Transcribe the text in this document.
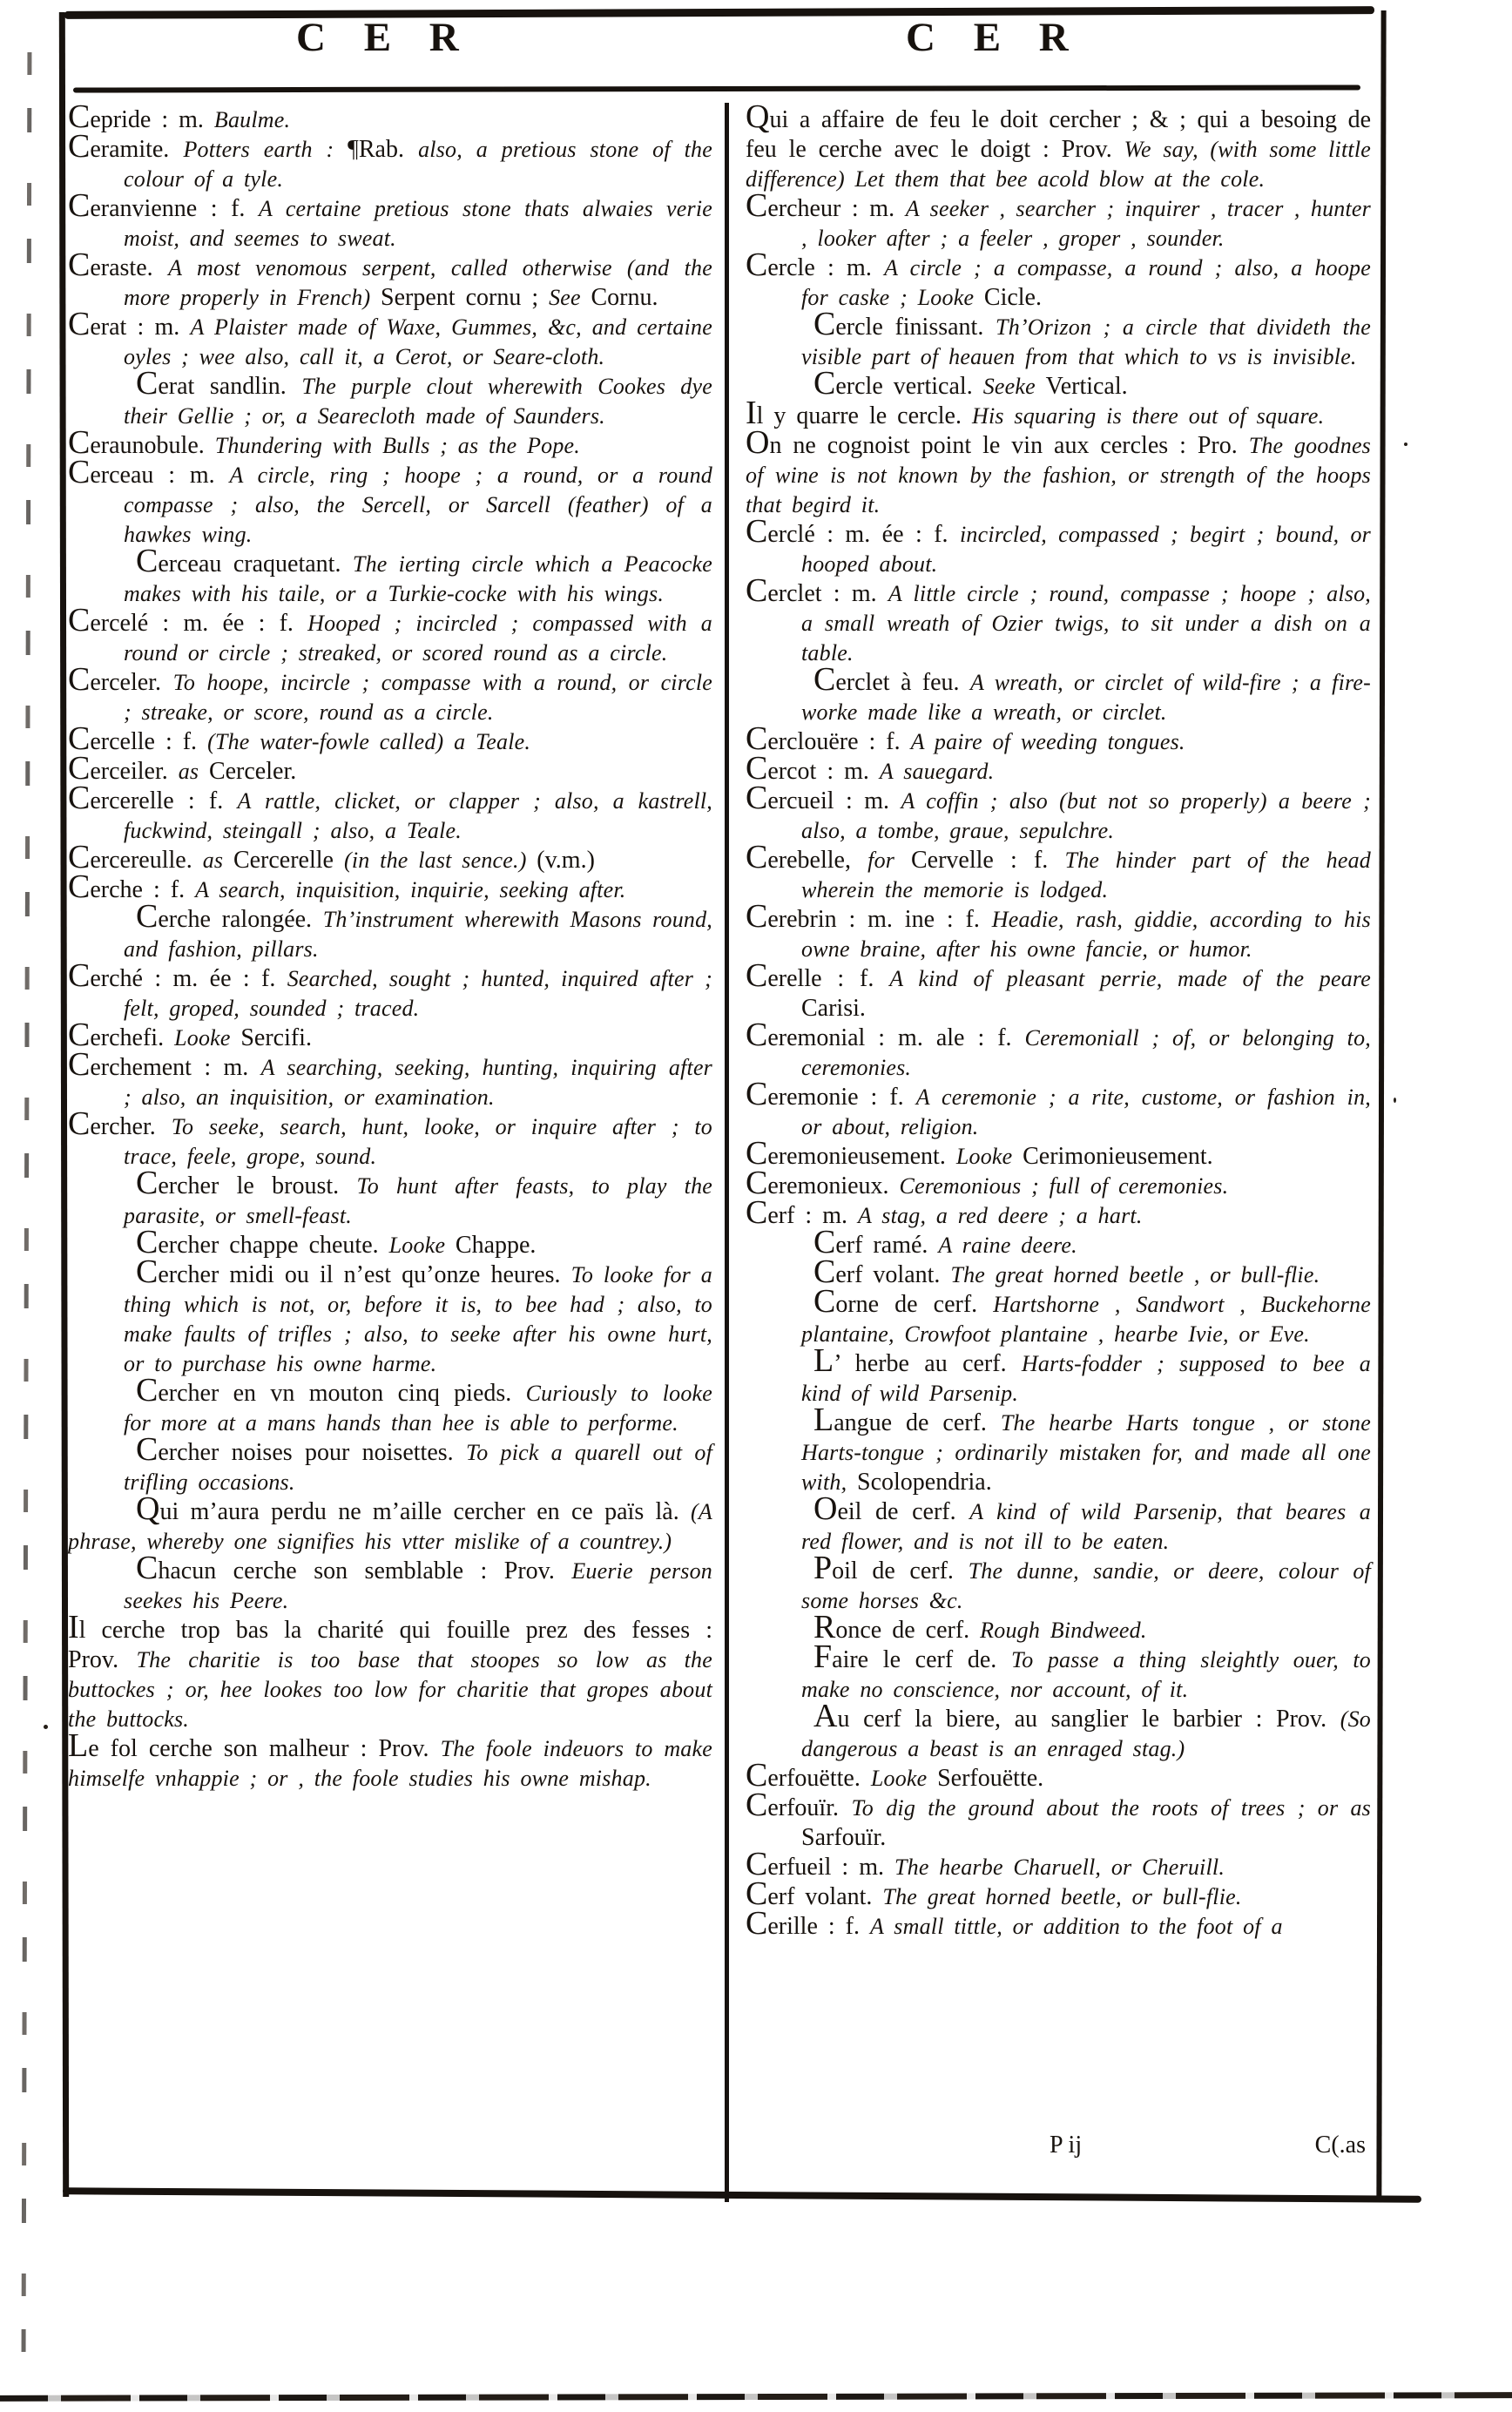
C E R	C E R

Cepride : m. Baulme.

Ceramite. Potters earth : ¶Rab. also, a pretious stone of the colour of a tyle.

Ceranvienne : f. A certaine pretious stone thats alwaies verie moist, and seemes to sweat.

Ceraste. A most venomous serpent, called otherwise (and the more properly in French) Serpent cornu ; See Cornu.

Cerat : m. A Plaister made of Waxe, Gummes, &c, and certaine oyles ; wee also, call it, a Cerot, or Seare-cloth.

Cerat sandlin. The purple clout wherewith Cookes dye their Gellie ; or, a Searecloth made of Saunders.

Ceraunobule. Thundering with Bulls ; as the Pope.

Cerceau : m. A circle, ring ; hoope ; a round, or a round compasse ; also, the Sercell, or Sarcell (feather) of a hawkes wing.

Cerceau craquetant. The ierting circle which a Peacocke makes with his taile, or a Turkie-cocke with his wings.

Cercelé : m. ée : f. Hooped ; incircled ; compassed with a round or circle ; streaked, or scored round as a circle.

Cerceler. To hoope, incircle ; compasse with a round, or circle ; streake, or score, round as a circle.

Cercelle : f. (The water-fowle called) a Teale.

Cerceiler. as Cerceler.

Cercerelle : f. A rattle, clicket, or clapper ; also, a kastrell, fuckwind, steingall ; also, a Teale.

Cercereulle. as Cercerelle (in the last sence.) (v.m.)

Cerche : f. A search, inquisition, inquirie, seeking after.

Cerche ralongée. Th’instrument wherewith Masons round, and fashion, pillars.

Cerché : m. ée : f. Searched, sought ; hunted, inquired after ; felt, groped, sounded ; traced.

Cerchefi. Looke Sercifi.

Cerchement : m. A searching, seeking, hunting, inquiring after ; also, an inquisition, or examination.

Cercher. To seeke, search, hunt, looke, or inquire after ; to trace, feele, grope, sound.

Cercher le broust. To hunt after feasts, to play the parasite, or smell-feast.

Cercher chappe cheute. Looke Chappe.

Cercher midi ou il n’est qu’onze heures. To looke for a thing which is not, or, before it is, to bee had ; also, to make faults of trifles ; also, to seeke after his owne hurt, or to purchase his owne harme.

Cercher en vn mouton cinq pieds. Curiously to looke for more at a mans hands than hee is able to performe.

Cercher noises pour noisettes. To pick a quarell out of trifling occasions.

Qui m’aura perdu ne m’aille cercher en ce païs là. (A phrase, whereby one signifies his vtter mislike of a countrey.)

Chacun cerche son semblable : Prov. Euerie person seekes his Peere.

Il cerche trop bas la charité qui fouille prez des fesses : Prov. The charitie is too base that stoopes so low as the buttockes ; or, hee lookes too low for charitie that gropes about the buttocks.

Le fol cerche son malheur : Prov. The foole indeuors to make himselfe vnhappie ; or , the foole studies his owne mishap.

Qui a affaire de feu le doit cercher ; & ; qui a besoing de feu le cerche avec le doigt : Prov. We say, (with some little difference) Let them that bee acold blow at the cole.

Cercheur : m. A seeker , searcher ; inquirer , tracer , hunter , looker after ; a feeler , groper , sounder.

Cercle : m. A circle ; a compasse, a round ; also, a hoope for caske ; Looke Cicle.

Cercle finissant. Th’Orizon ; a circle that divideth the visible part of heauen from that which to vs is invisible.

Cercle vertical. Seeke Vertical.

Il y quarre le cercle. His squaring is there out of square.

On ne cognoist point le vin aux cercles : Pro. The goodnes of wine is not known by the fashion, or strength of the hoops that begird it.

Cerclé : m. ée : f. incircled, compassed ; begirt ; bound, or hooped about.

Cerclet : m. A little circle ; round, compasse ; hoope ; also, a small wreath of Ozier twigs, to sit under a dish on a table.

Cerclet à feu. A wreath, or circlet of wild-fire ; a fire-worke made like a wreath, or circlet.

Cerclouëre : f. A paire of weeding tongues.

Cercot : m. A sauegard.

Cercueil : m. A coffin ; also (but not so properly) a beere ; also, a tombe, graue, sepulchre.

Cerebelle, for Cervelle : f. The hinder part of the head wherein the memorie is lodged.

Cerebrin : m. ine : f. Headie, rash, giddie, according to his owne braine, after his owne fancie, or humor.

Cerelle : f. A kind of pleasant perrie, made of the peare Carisi.

Ceremonial : m. ale : f. Ceremoniall ; of, or belonging to, ceremonies.

Ceremonie : f. A ceremonie ; a rite, custome, or fashion in, or about, religion.

Ceremonieusement. Looke Cerimonieusement.

Ceremonieux. Ceremonious ; full of ceremonies.

Cerf : m. A stag, a red deere ; a hart.

Cerf ramé. A raine deere.

Cerf volant. The great horned beetle , or bull-flie.

Corne de cerf. Hartshorne , Sandwort , Buckehorne plantaine, Crowfoot plantaine , hearbe Ivie, or Eve.

L’ herbe au cerf. Harts-fodder ; supposed to bee a kind of wild Parsenip.

Langue de cerf. The hearbe Harts tongue , or stone Harts-tongue ; ordinarily mistaken for, and made all one with, Scolopendria.

Oeil de cerf. A kind of wild Parsenip, that beares a red flower, and is not ill to be eaten.

Poil de cerf. The dunne, sandie, or deere, colour of some horses &c.

Ronce de cerf. Rough Bindweed.

Faire le cerf de. To passe a thing sleightly ouer, to make no conscience, nor account, of it.

Au cerf la biere, au sanglier le barbier : Prov. (So dangerous a beast is an enraged stag.)

Cerfouëtte. Looke Serfouëtte.

Cerfouïr. To dig the ground about the roots of trees ; or as Sarfouïr.

Cerfueil : m. The hearbe Charuell, or Cheruill.

Cerf volant. The great horned beetle, or bull-flie.

Cerille : f. A small tittle, or addition to the foot of a

P ij	C(.as
